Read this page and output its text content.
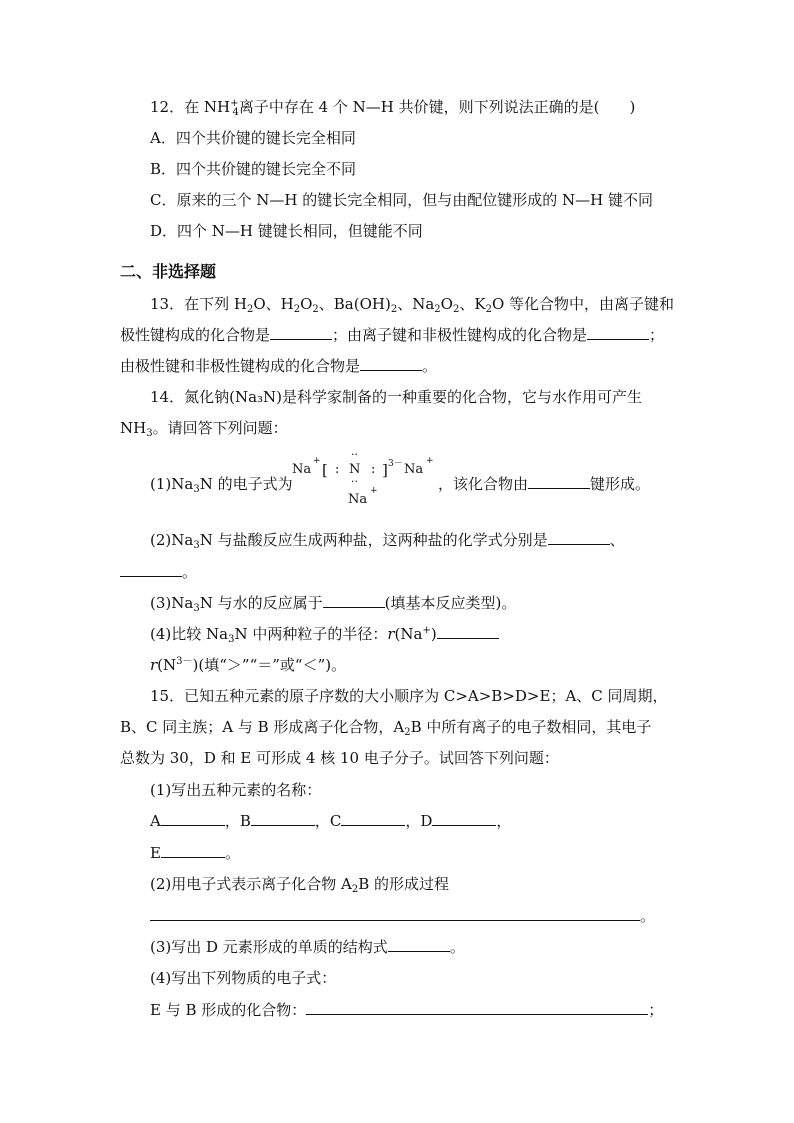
12．在 $NH^+_4$离子中存在 4 个 N—H 共价键，则下列说法正确的是(　　)
A．四个共价键的键长完全相同
B．四个共价键的键长完全不同
C．原来的三个 N—H 的键长完全相同，但与由配位键形成的 N—H 键不同
D．四个 N—H 键键长相同，但键能不同
二、非选择题
13．在下列 $H_2O$、$H_2O_2$、$Ba(OH)_2$、$Na_2O_2$、$K_2O$ 等化合物中，由离子键和
极性键构成的化合物是	；由离子键和非极性键构成的化合物是	；
由极性键和非极性键构成的化合物是	。
14．氮化钠(Na₃N)是科学家制备的一种重要的化合物，它与水作用可产生
$NH_3$。请回答下列问题：
$(1)Na_3N$ 的电子式为
Na
+ [ :
··
N
··
: ] 3－ Na
+
Na
+	，该化合物由	键形成。
$(2)Na_3N$ 与盐酸反应生成两种盐，这两种盐的化学式分别是	、
。
$(3)Na_3N$ 与水的反应属于	(填基本反应类型)。
(4)比较 $Na_3N$ 中两种粒子的半径：r(Na+)
$r(N^{3-})$(填“＞”“＝”或“＜”)。
15．已知五种元素的原子序数的大小顺序为 C>A>B>D>E；A、C 同周期，
B、C 同主族；A 与 B 形成离子化合物，$A_2B$ 中所有离子的电子数相同，其电子
总数为 30，D 和 E 可形成 4 核 10 电子分子。试回答下列问题：
(1)写出五种元素的名称：
A	，B	，C	，D	，
E	。
(2)用电子式表示离子化合物 $A_2B$ 的形成过程
。
(3)写出 D 元素形成的单质的结构式	。
(4)写出下列物质的电子式：
E 与 B 形成的化合物：	；
